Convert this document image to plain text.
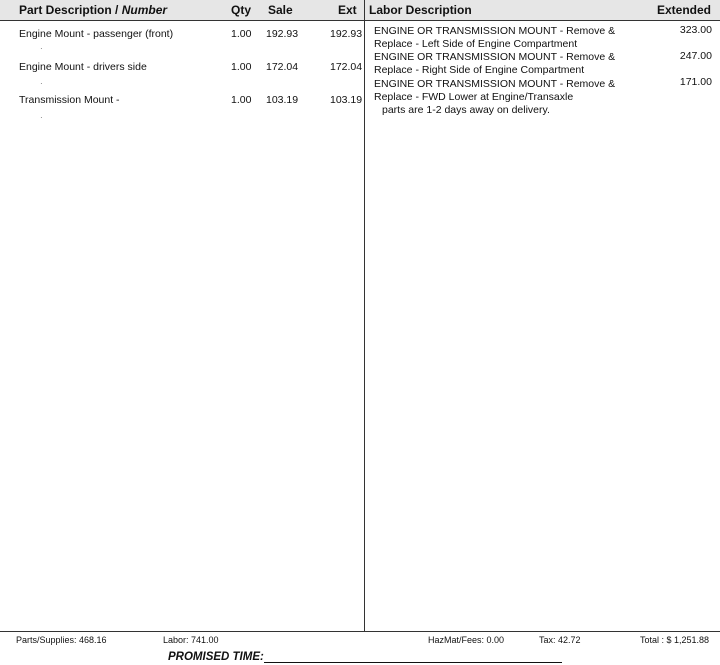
Part Description / Number	Qty Sale	Ext Labor Description	Extended
Engine Mount - passenger (front)	1.00 192.93	192.93
·
Engine Mount - drivers side	1.00 172.04	172.04
·
Transmission Mount -	1.00 103.19	103.19
·
ENGINE OR TRANSMISSION MOUNT - Remove &
Replace - Left Side of Engine Compartment
323.00
ENGINE OR TRANSMISSION MOUNT - Remove &
Replace - Right Side of Engine Compartment
247.00
ENGINE OR TRANSMISSION MOUNT - Remove &
Replace - FWD Lower at Engine/Transaxle
171.00
parts are 1-2 days away on delivery.
Parts/Supplies: 468.16	Labor: 741.00	HazMat/Fees: 0.00	Tax: 42.72	Total : $ 1,251.88
PROMISED TIME:
